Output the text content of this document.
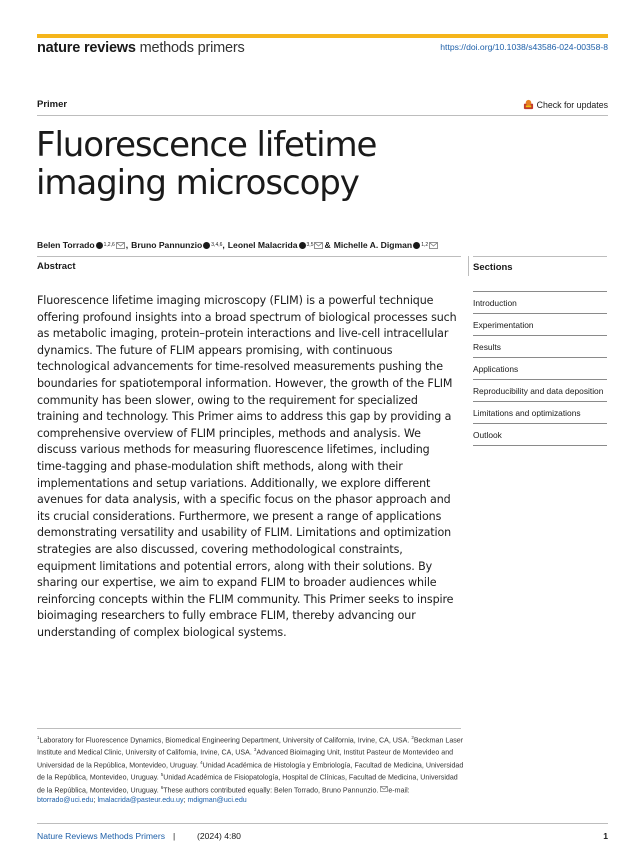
nature reviews methods primers	https://doi.org/10.1038/s43586-024-00358-8
Primer	Check for updates
Fluorescence lifetime
imaging microscopy
Belen Torrado 1,2,6 , Bruno Pannunzio 3,4,6 , Leonel Malacrida 3,5 & Michelle A. Digman 1,2
Abstract

Fluorescence lifetime imaging microscopy (FLIM) is a powerful technique offering profound insights into a broad spectrum of biological processes such as metabolic imaging, protein–protein interactions and live-cell intracellular dynamics. The future of FLIM appears promising, with continuous technological advancements for time-resolved measurements pushing the boundaries for spatiotemporal information. However, the growth of the FLIM community has been slower, owing to the requirement for specialized training and technology. This Primer aims to address this gap by providing a comprehensive overview of FLIM principles, methods and analysis. We discuss various methods for measuring fluorescence lifetimes, including time-tagging and phase-modulation shift methods, along with their implementations and setup variations. Additionally, we explore different avenues for data analysis, with a specific focus on the phasor approach and its crucial considerations. Furthermore, we present a range of applications demonstrating versatility and usability of FLIM. Limitations and optimization strategies are also discussed, covering methodological constraints, equipment limitations and potential errors, along with their solutions. By sharing our expertise, we aim to expand FLIM to broader audiences while reinforcing concepts within the FLIM community. This Primer seeks to inspire bioimaging researchers to fully embrace FLIM, thereby advancing our understanding of complex biological systems.

Sections
Introduction
Experimentation
Results
Applications
Reproducibility and data deposition
Limitations and optimizations
Outlook
$^1$Laboratory for Fluorescence Dynamics, Biomedical Engineering Department, University of California, Irvine, CA, USA. $^2$Beckman Laser Institute and Medical Clinic, University of California, Irvine, CA, USA. $^3$Advanced Bioimaging Unit, Institut Pasteur de Montevideo and Universidad de la República, Montevideo, Uruguay. $^4$Unidad Académica de Histología y Embriología, Facultad de Medicina, Universidad de la República, Montevideo, Uruguay. $^5$Unidad Académica de Fisiopatología, Hospital de Clínicas, Facultad de Medicina, Universidad de la República, Montevideo, Uruguay. $^6$These authors contributed equally: Belen Torrado, Bruno Pannunzio. e-mail: btorrado@uci.edu; lmalacrida@pasteur.edu.uy; mdigman@uci.edu
Nature Reviews Methods Primers |	(2024) 4:80	1
